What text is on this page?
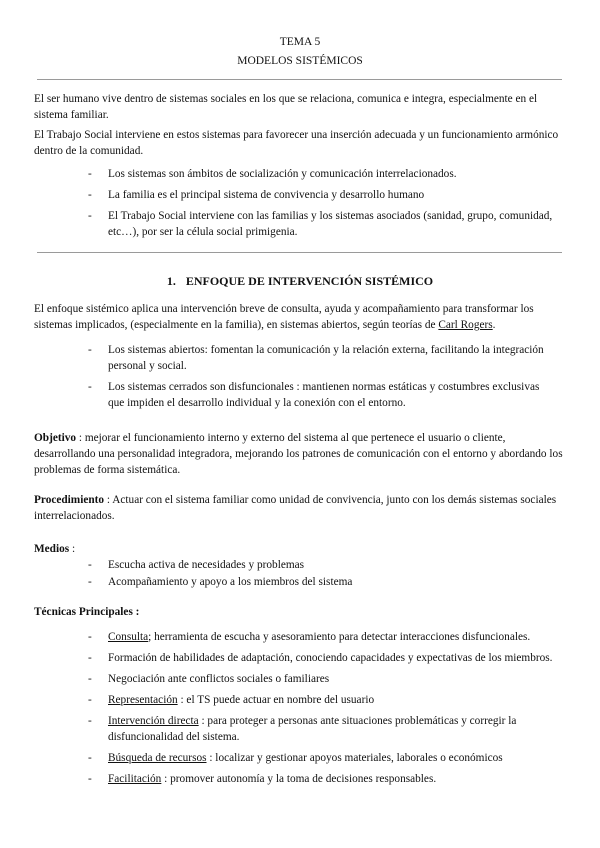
TEMA 5
MODELOS SISTÉMICOS
El ser humano vive dentro de sistemas sociales en los que se relaciona, comunica e integra, especialmente en el sistema familiar.
El Trabajo Social interviene en estos sistemas para favorecer una inserción adecuada y un funcionamiento armónico dentro de la comunidad.
- Los sistemas son ámbitos de socialización y comunicación interrelacionados.
- La familia es el principal sistema de convivencia y desarrollo humano
- El Trabajo Social interviene con las familias y los sistemas asociados (sanidad, grupo, comunidad, etc…), por ser la célula social primigenia.
1. ENFOQUE DE INTERVENCIÓN SISTÉMICO
El enfoque sistémico aplica una intervención breve de consulta, ayuda y acompañamiento para transformar los sistemas implicados, (especialmente en la familia), en sistemas abiertos, según teorías de Carl Rogers.
- Los sistemas abiertos: fomentan la comunicación y la relación externa, facilitando la integración personal y social.
- Los sistemas cerrados son disfuncionales : mantienen normas estáticas y costumbres exclusivas que impiden el desarrollo individual y la conexión con el entorno.
Objetivo : mejorar el funcionamiento interno y externo del sistema al que pertenece el usuario o cliente, desarrollando una personalidad integradora, mejorando los patrones de comunicación con el entorno y abordando los problemas de forma sistemática.
Procedimiento : Actuar con el sistema familiar como unidad de convivencia, junto con los demás sistemas sociales interrelacionados.
Medios :
- Escucha activa de necesidades y problemas
- Acompañamiento y apoyo a los miembros del sistema
Técnicas Principales :
- Consulta; herramienta de escucha y asesoramiento para detectar interacciones disfuncionales.
- Formación de habilidades de adaptación, conociendo capacidades y expectativas de los miembros.
- Negociación ante conflictos sociales o familiares
- Representación : el TS puede actuar en nombre del usuario
- Intervención directa : para proteger a personas ante situaciones problemáticas y corregir la disfuncionalidad del sistema.
- Búsqueda de recursos : localizar y gestionar apoyos materiales, laborales o económicos
- Facilitación : promover autonomía y la toma de decisiones responsables.
